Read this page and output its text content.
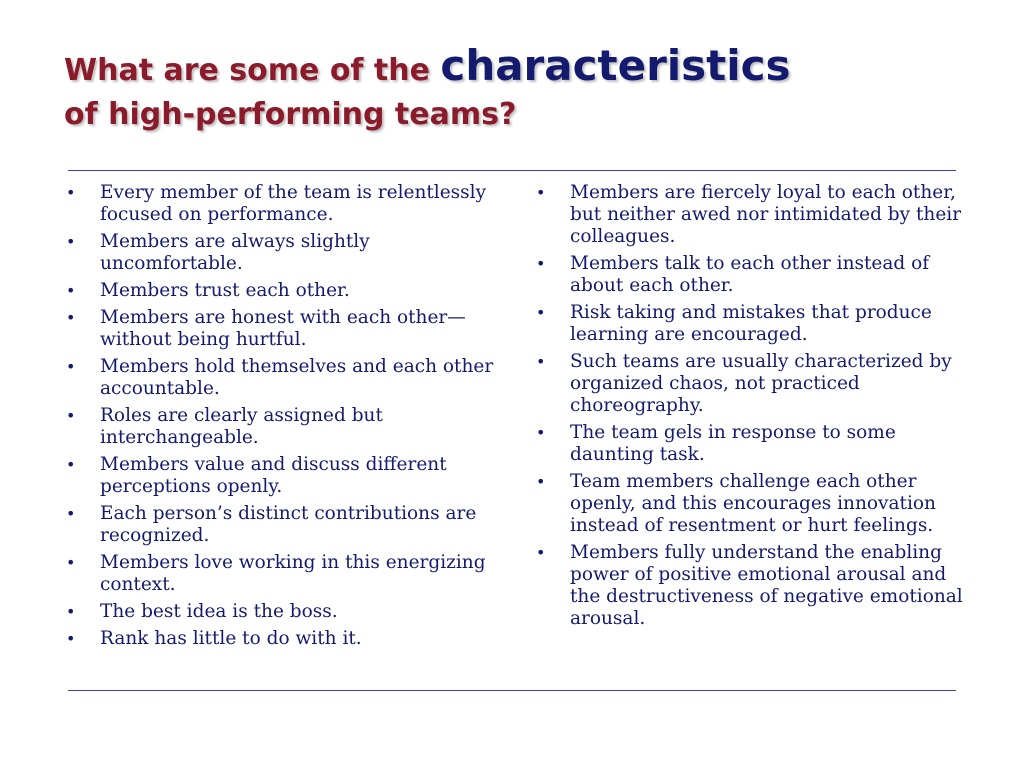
What are some of the characteristics
of high-performing teams?
• Every member of the team is relentlessly focused on performance.
• Members are always slightly uncomfortable.
• Members trust each other.
• Members are honest with each other—without being hurtful.
• Members hold themselves and each other accountable.
• Roles are clearly assigned but interchangeable.
• Members value and discuss different perceptions openly.
• Each person’s distinct contributions are recognized.
• Members love working in this energizing context.
• The best idea is the boss.
• Rank has little to do with it.
• Members are fiercely loyal to each other, but neither awed nor intimidated by their colleagues.
• Members talk to each other instead of about each other.
• Risk taking and mistakes that produce learning are encouraged.
• Such teams are usually characterized by organized chaos, not practiced choreography.
• The team gels in response to some daunting task.
• Team members challenge each other openly, and this encourages innovation instead of resentment or hurt feelings.
• Members fully understand the enabling power of positive emotional arousal and the destructiveness of negative emotional arousal.
